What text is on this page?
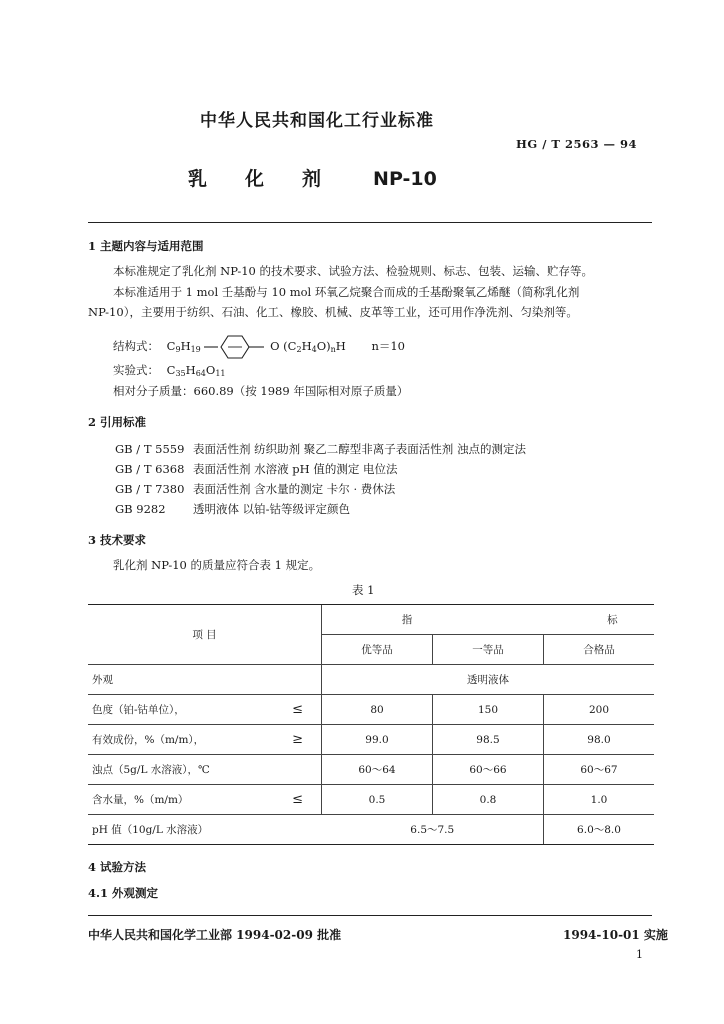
中华人民共和国化工行业标准
HG / T 2563 — 94
乳 化 剂	NP-10
1 主题内容与适用范围
本标准规定了乳化剂 NP-10 的技术要求、试验方法、检验规则、标志、包装、运输、贮存等。
本标准适用于 1 mol 壬基酚与 10 mol 环氧乙烷聚合而成的壬基酚聚氧乙烯醚（简称乳化剂
NP-10），主要用于纺织、石油、化工、橡胶、机械、皮革等工业，还可用作净洗剂、匀染剂等。
结构式： $C_9H_{19}$	O $(C_2H_4O)_nH$ n＝10
实验式： $C_{35}H_{64}O_{11}$
相对分子质量：660.89（按 1989 年国际相对原子质量）
2 引用标准
GB / T 5559 表面活性剂 纺织助剂 聚乙二醇型非离子表面活性剂 浊点的测定法
GB / T 6368 表面活性剂 水溶液 pH 值的测定 电位法
GB / T 7380 表面活性剂 含水量的测定 卡尔 · 费休法
GB 9282 透明液体 以铂-钴等级评定颜色
3 技术要求
乳化剂 NP-10 的质量应符合表 1 规定。
表 1
项 目		指 标		
		优等品	一等品	合格品
外观		透明液体		
色度（铂-钴单位），	≤	80	150	200
有效成份，%（m/m），	≥	99.0	98.5	98.0
浊点（5g/L 水溶液），℃		60～64	60～66	60～67
含水量，%（m/m）	≤	0.5	0.8	1.0
pH 值（10g/L 水溶液）		6.5～7.5		6.0～8.0
4 试验方法
4.1 外观测定
中华人民共和国化学工业部 1994-02-09 批准	1994-10-01 实施
1
